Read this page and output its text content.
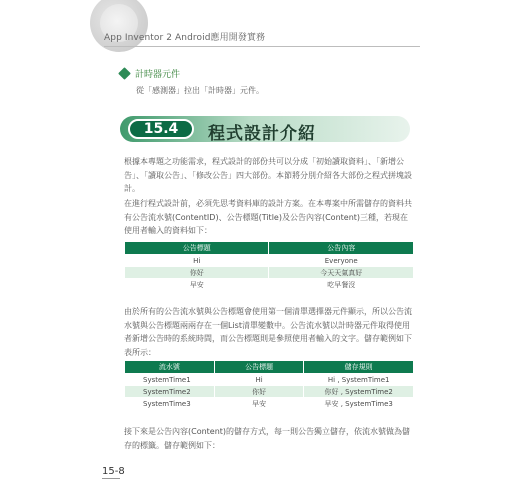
App Inventor 2 Android應用開發實務
計時器元件
從「感測器」拉出「計時器」元件。
15.4	程式設計介紹
根據本專題之功能需求，程式設計的部份共可以分成「初始讀取資料」、「新增公告」、「讀取公告」、「修改公告」四大部份。本節將分別介紹各大部份之程式拼塊設計。
在進行程式設計前，必須先思考資料庫的設計方案。在本專案中所需儲存的資料共有公告流水號(ContentID)、公告標題(Title)及公告內容(Content)三種，若現在使用者輸入的資料如下：
公告標題	公告內容
Hi	Everyone
你好	今天天氣真好
早安	吃早餐沒
由於所有的公告流水號與公告標題會使用第一個清單選擇器元件顯示，所以公告流水號與公告標題兩兩存在一個List清單變數中。公告流水號以計時器元件取得使用者新增公告時的系統時間，而公告標題則是參照使用者輸入的文字。儲存範例如下表所示：
流水號	公告標題	儲存規則
SystemTime1	Hi	Hi , SystemTime1
SystemTime2	你好	你好 , SystemTime2
SystemTime3	早安	早安 , SystemTime3
接下來是公告內容(Content)的儲存方式，每一則公告獨立儲存，依流水號做為儲存的標籤。儲存範例如下：
15-8
